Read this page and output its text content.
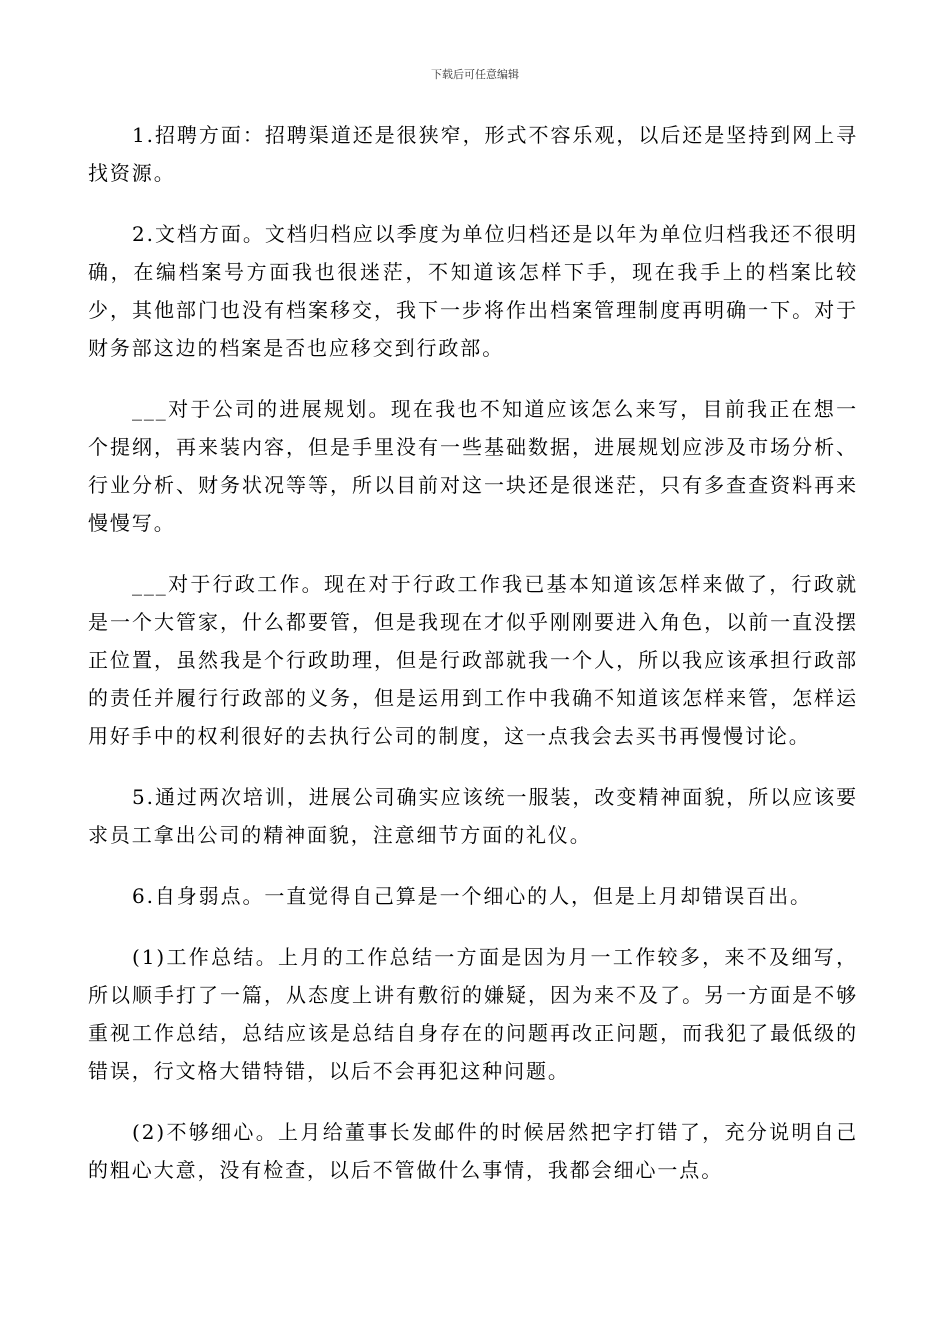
下载后可任意编辑

1.招聘方面：招聘渠道还是很狭窄，形式不容乐观，以后还是坚持到网上寻找资源。

2.文档方面。文档归档应以季度为单位归档还是以年为单位归档我还不很明确，在编档案号方面我也很迷茫，不知道该怎样下手，现在我手上的档案比较少，其他部门也没有档案移交，我下一步将作出档案管理制度再明确一下。对于财务部这边的档案是否也应移交到行政部。

___对于公司的进展规划。现在我也不知道应该怎么来写，目前我正在想一个提纲，再来装内容，但是手里没有一些基础数据，进展规划应涉及市场分析、行业分析、财务状况等等，所以目前对这一块还是很迷茫，只有多查查资料再来慢慢写。

___对于行政工作。现在对于行政工作我已基本知道该怎样来做了，行政就是一个大管家，什么都要管，但是我现在才似乎刚刚要进入角色，以前一直没摆正位置，虽然我是个行政助理，但是行政部就我一个人，所以我应该承担行政部的责任并履行行政部的义务，但是运用到工作中我确不知道该怎样来管，怎样运用好手中的权利很好的去执行公司的制度，这一点我会去买书再慢慢讨论。

5.通过两次培训，进展公司确实应该统一服装，改变精神面貌，所以应该要求员工拿出公司的精神面貌，注意细节方面的礼仪。

6.自身弱点。一直觉得自己算是一个细心的人，但是上月却错误百出。

(1)工作总结。上月的工作总结一方面是因为月一工作较多，来不及细写，所以顺手打了一篇，从态度上讲有敷衍的嫌疑，因为来不及了。另一方面是不够重视工作总结，总结应该是总结自身存在的问题再改正问题，而我犯了最低级的错误，行文格大错特错，以后不会再犯这种问题。

(2)不够细心。上月给董事长发邮件的时候居然把字打错了，充分说明自己的粗心大意，没有检查，以后不管做什么事情，我都会细心一点。
